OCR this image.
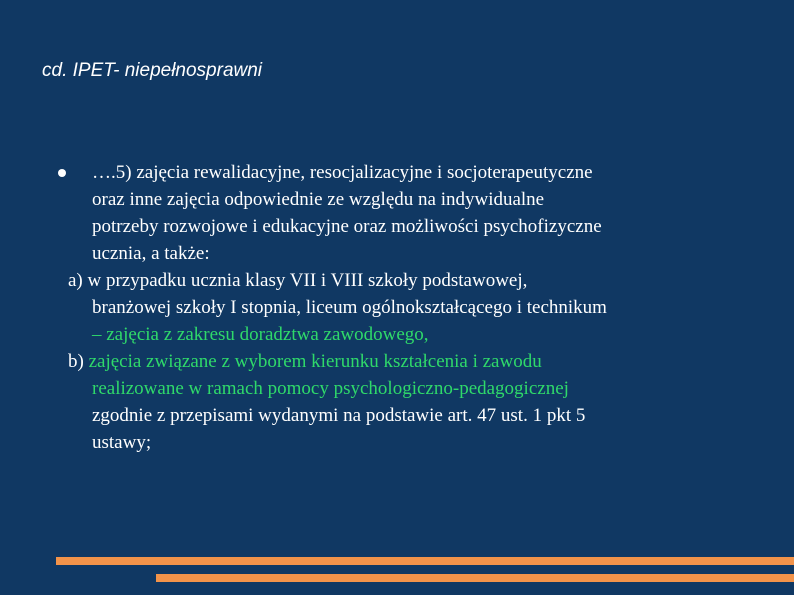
cd. IPET- niepełnosprawni
….5) zajęcia rewalidacyjne, resocjalizacyjne i socjoterapeutyczne
oraz inne zajęcia odpowiednie ze względu na indywidualne
potrzeby rozwojowe i edukacyjne oraz możliwości psychofizyczne
ucznia, a także:
a) w przypadku ucznia klasy VII i VIII szkoły podstawowej,
branżowej szkoły I stopnia, liceum ogólnokształcącego i technikum
– zajęcia z zakresu doradztwa zawodowego,
b) zajęcia związane z wyborem kierunku kształcenia i zawodu
realizowane w ramach pomocy psychologiczno-pedagogicznej
zgodnie z przepisami wydanymi na podstawie art. 47 ust. 1 pkt 5
ustawy;
